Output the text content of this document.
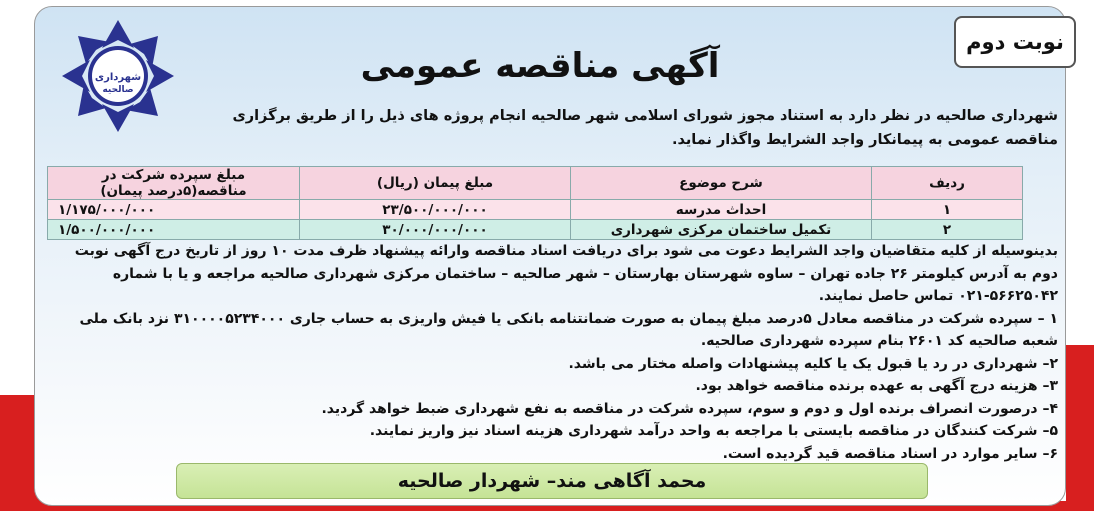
نوبت دوم
شهرداری
صالحیه
آگهی مناقصه عمومی
شهرداری صالحیه در نظر دارد به استناد مجوز شورای اسلامی شهر صالحیه انجام پروژه های ذیل را از طریق برگزاری مناقصه عمومی به پیمانکار واجد الشرایط واگذار نماید.
ردیف	شرح موضوع	مبلغ پیمان (ریال)	مبلغ سپرده شرکت در مناقصه(۵درصد پیمان)
۱	احداث مدرسه	۲۳/۵۰۰/۰۰۰/۰۰۰	۱/۱۷۵/۰۰۰/۰۰۰
۲	تکمیل ساختمان مرکزی شهرداری	۳۰/۰۰۰/۰۰۰/۰۰۰	۱/۵۰۰/۰۰۰/۰۰۰

بدینوسیله از کلیه متقاضیان واجد الشرایط دعوت می شود برای دریافت اسناد مناقصه وارائه پیشنهاد ظرف مدت ۱۰ روز از تاریخ درج آگهی نوبت دوم به آدرس کیلومتر ۲۶ جاده تهران – ساوه شهرستان بهارستان – شهر صالحیه – ساختمان مرکزی شهرداری صالحیه مراجعه و یا با شماره ۵۶۶۲۵۰۴۲-۰۲۱ تماس حاصل نمایند.

۱ – سپرده شرکت در مناقصه معادل ۵درصد مبلغ پیمان به صورت ضمانتنامه بانکی یا فیش واریزی به حساب جاری ۳۱۰۰۰۰۵۲۳۴۰۰۰ نزد بانک ملی شعبه صالحیه کد ۲۶۰۱ بنام سپرده شهرداری صالحیه.

۲– شهرداری در رد یا قبول یک یا کلیه پیشنهادات واصله مختار می باشد.

۳– هزینه درج آگهی به عهده برنده مناقصه خواهد بود.

۴– درصورت انصراف برنده اول و دوم و سوم، سپرده شرکت در مناقصه به نفع شهرداری ضبط خواهد گردید.

۵– شرکت کنندگان در مناقصه بایستی با مراجعه به واحد درآمد شهرداری هزینه اسناد نیز واریز نمایند.

۶– سایر موارد در اسناد مناقصه قید گردیده است.

محمد آگاهی مند– شهردار صالحیه
